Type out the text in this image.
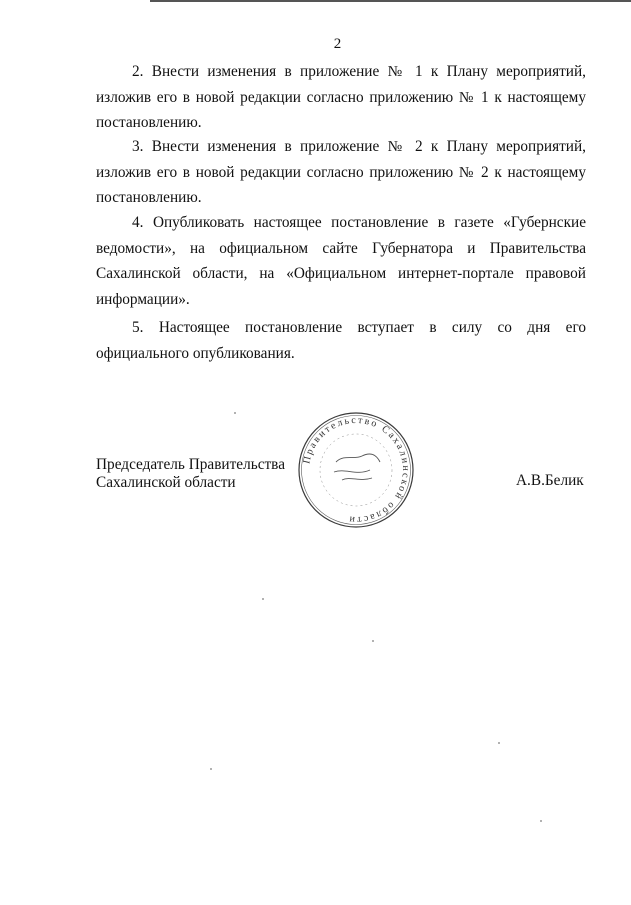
2

2. Внести изменения в приложение № 1 к Плану мероприятий, изложив его в новой редакции согласно приложению № 1 к настоящему постановлению.

3. Внести изменения в приложение № 2 к Плану мероприятий, изложив его в новой редакции согласно приложению № 2 к настоящему постановлению.

4. Опубликовать настоящее постановление в газете «Губернские ведомости», на официальном сайте Губернатора и Правительства Сахалинской области, на «Официальном интернет-портале правовой информации».

5. Настоящее постановление вступает в силу со дня его официального опубликования.

Председатель Правительства
Сахалинской области	А.В.Белик
Правительство Сахалинской области
